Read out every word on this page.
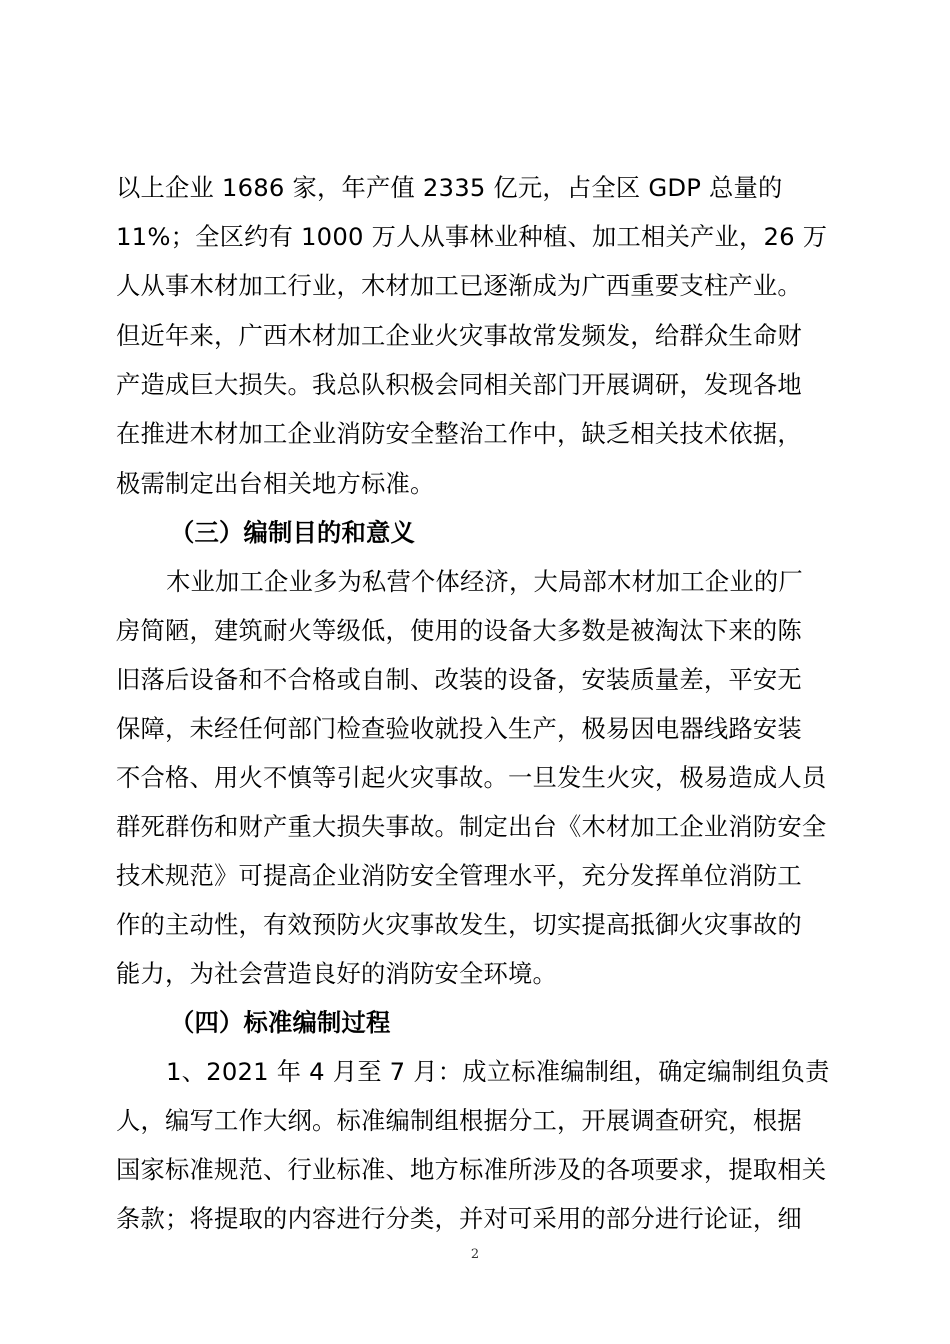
以上企业 1686 家，年产值 2335 亿元，占全区 GDP 总量的
11%；全区约有 1000 万人从事林业种植、加工相关产业，26 万
人从事木材加工行业，木材加工已逐渐成为广西重要支柱产业。
但近年来，广西木材加工企业火灾事故常发频发，给群众生命财
产造成巨大损失。我总队积极会同相关部门开展调研，发现各地
在推进木材加工企业消防安全整治工作中，缺乏相关技术依据，
极需制定出台相关地方标准。
（三）编制目的和意义
木业加工企业多为私营个体经济，大局部木材加工企业的厂
房简陋，建筑耐火等级低，使用的设备大多数是被淘汰下来的陈
旧落后设备和不合格或自制、改装的设备，安装质量差，平安无
保障，未经任何部门检查验收就投入生产，极易因电器线路安装
不合格、用火不慎等引起火灾事故。一旦发生火灾，极易造成人员
群死群伤和财产重大损失事故。制定出台《木材加工企业消防安全
技术规范》可提高企业消防安全管理水平，充分发挥单位消防工
作的主动性，有效预防火灾事故发生，切实提高抵御火灾事故的
能力，为社会营造良好的消防安全环境。
（四）标准编制过程
1、2021 年 4 月至 7 月：成立标准编制组，确定编制组负责
人，编写工作大纲。标准编制组根据分工，开展调查研究，根据
国家标准规范、行业标准、地方标准所涉及的各项要求，提取相关
条款；将提取的内容进行分类，并对可采用的部分进行论证，细
2
